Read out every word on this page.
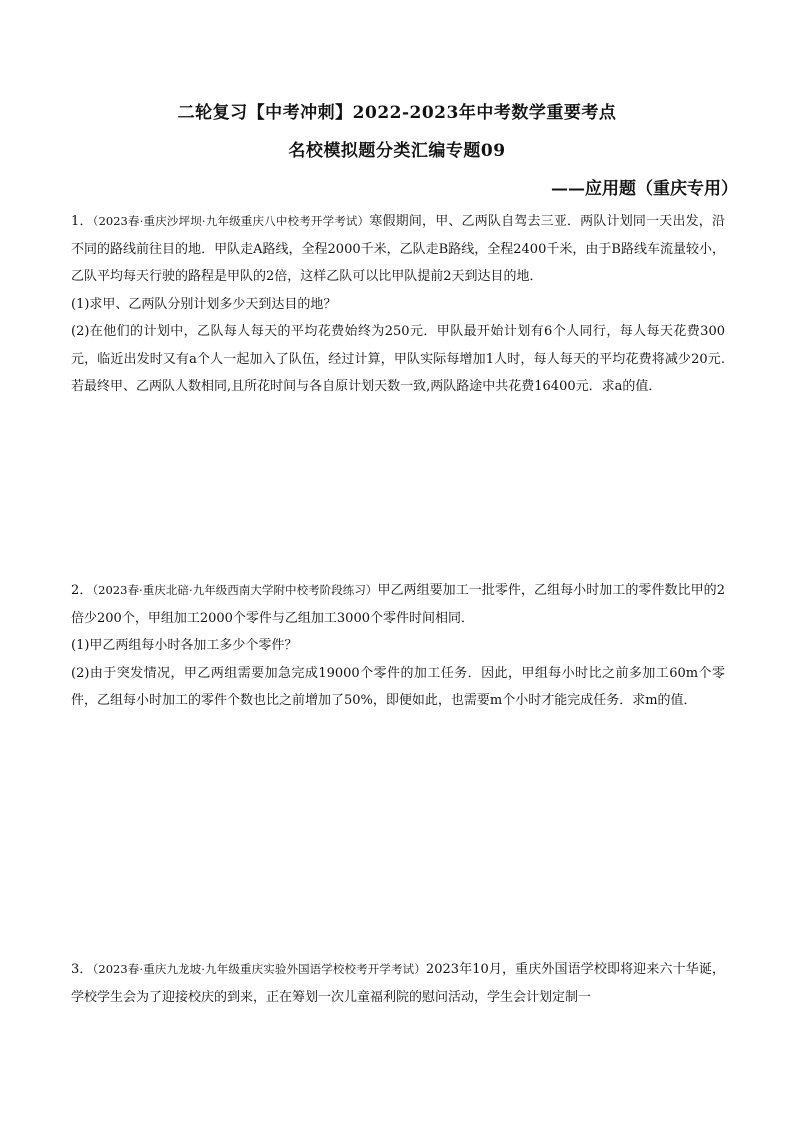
二轮复习【中考冲刺】2022-2023年中考数学重要考点
名校模拟题分类汇编专题09
——应用题（重庆专用）

1．（2023春·重庆沙坪坝·九年级重庆八中校考开学考试）寒假期间，甲、乙两队自驾去三亚．两队计划同一天出发，沿不同的路线前往目的地．甲队走A路线，全程2000千米，乙队走B路线，全程2400千米，由于B路线车流量较小，乙队平均每天行驶的路程是甲队的2倍，这样乙队可以比甲队提前2天到达目的地．

(1)求甲、乙两队分别计划多少天到达目的地？

(2)在他们的计划中，乙队每人每天的平均花费始终为250元．甲队最开始计划有6个人同行，每人每天花费300元，临近出发时又有a个人一起加入了队伍，经过计算，甲队实际每增加1人时，每人每天的平均花费将减少20元.若最终甲、乙两队人数相同,且所花时间与各自原计划天数一致,两队路途中共花费16400元．求a的值．

2．（2023春·重庆北碚·九年级西南大学附中校考阶段练习）甲乙两组要加工一批零件，乙组每小时加工的零件数比甲的2倍少200个，甲组加工2000个零件与乙组加工3000个零件时间相同．

(1)甲乙两组每小时各加工多少个零件？

(2)由于突发情况，甲乙两组需要加急完成19000个零件的加工任务．因此，甲组每小时比之前多加工60m个零件，乙组每小时加工的零件个数也比之前增加了50%，即便如此，也需要m个小时才能完成任务．求m的值．

3．（2023春·重庆九龙坡·九年级重庆实验外国语学校校考开学考试）2023年10月，重庆外国语学校即将迎来六十华诞，学校学生会为了迎接校庆的到来，正在筹划一次儿童福利院的慰问活动，学生会计划定制一
